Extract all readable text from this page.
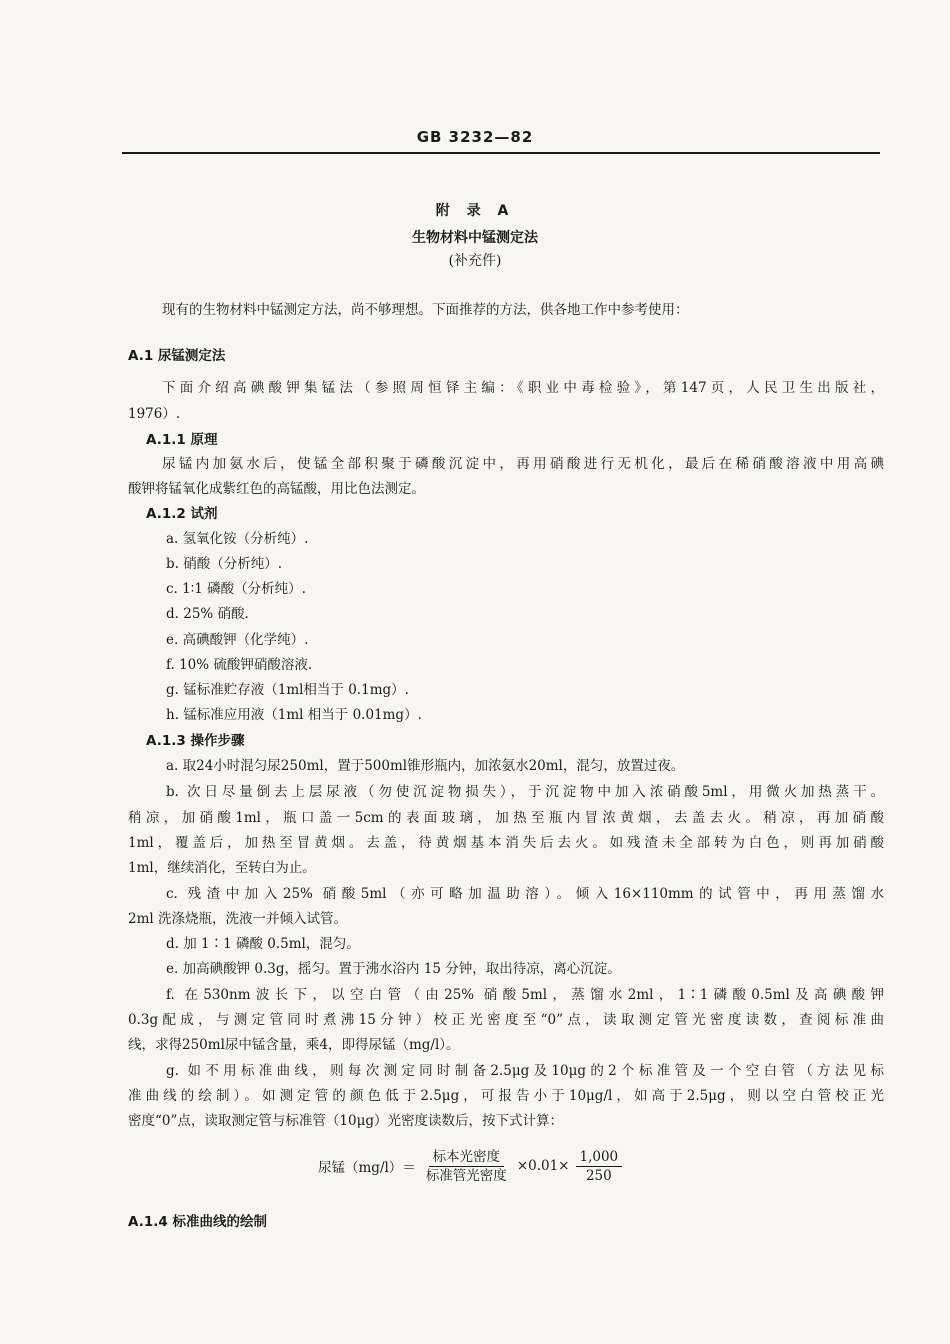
GB 3232—82
附 录 A
生物材料中锰测定法
(补充件)
现有的生物材料中锰测定方法，尚不够理想。下面推荐的方法，供各地工作中参考使用：
A.1 尿锰测定法
下面介绍高碘酸钾集锰法（参照周恒铎主编：《职业中毒检验》，第147页，人民卫生出版社，
1976）.
A.1.1 原理
尿锰内加氨水后，使锰全部积聚于磷酸沉淀中，再用硝酸进行无机化，最后在稀硝酸溶液中用高碘
酸钾将锰氧化成紫红色的高锰酸，用比色法测定。
A.1.2 试剂
a. 氢氧化铵（分析纯）.
b. 硝酸（分析纯）.
c. 1∶1 磷酸（分析纯）.
d. 25% 硝酸.
e. 高碘酸钾（化学纯）.
f. 10% 硫酸钾硝酸溶液.
g. 锰标准贮存液（1ml相当于 0.1mg）.
h. 锰标准应用液（1ml 相当于 0.01mg）.
A.1.3 操作步骤
a. 取24小时混匀尿250ml，置于500ml锥形瓶内，加浓氨水20ml，混匀，放置过夜。
b. 次日尽量倒去上层尿液（勿使沉淀物损失），于沉淀物中加入浓硝酸5ml，用微火加热蒸干。
稍凉，加硝酸1ml，瓶口盖一5cm的表面玻璃，加热至瓶内冒浓黄烟，去盖去火。稍凉，再加硝酸
1ml，覆盖后，加热至冒黄烟。去盖，待黄烟基本消失后去火。如残渣未全部转为白色，则再加硝酸
1ml，继续消化，至转白为止。
c. 残渣中加入25% 硝酸5ml（亦可略加温助溶）。倾入16×110mm的试管中，再用蒸馏水
2ml 洗涤烧瓶，洗液一并倾入试管。
d. 加 1∶1 磷酸 0.5ml，混匀。
e. 加高碘酸钾 0.3g，摇匀。置于沸水浴内 15 分钟，取出待凉，离心沉淀。
f. 在530nm波长下，以空白管（由25% 硝酸5ml，蒸馏水2ml，1∶1磷酸0.5ml及高碘酸钾
0.3g配成，与测定管同时煮沸15分钟）校正光密度至“0”点，读取测定管光密度读数，查阅标准曲
线，求得250ml尿中锰含量，乘4，即得尿锰（mg/l）。
g. 如不用标准曲线，则每次测定同时制备2.5μg及10μg的2个标准管及一个空白管（方法见标
准曲线的绘制）。如测定管的颜色低于2.5μg，可报告小于10μg/l，如高于2.5μg，则以空白管校正光
密度“0”点，读取测定管与标准管（10μg）光密度读数后，按下式计算：
尿锰$(mg/l)= \frac{\text{标本光密度}}{\text{标准管光密度}} \times 0.01\times \frac{1,000}{250}$
A.1.4 标准曲线的绘制
